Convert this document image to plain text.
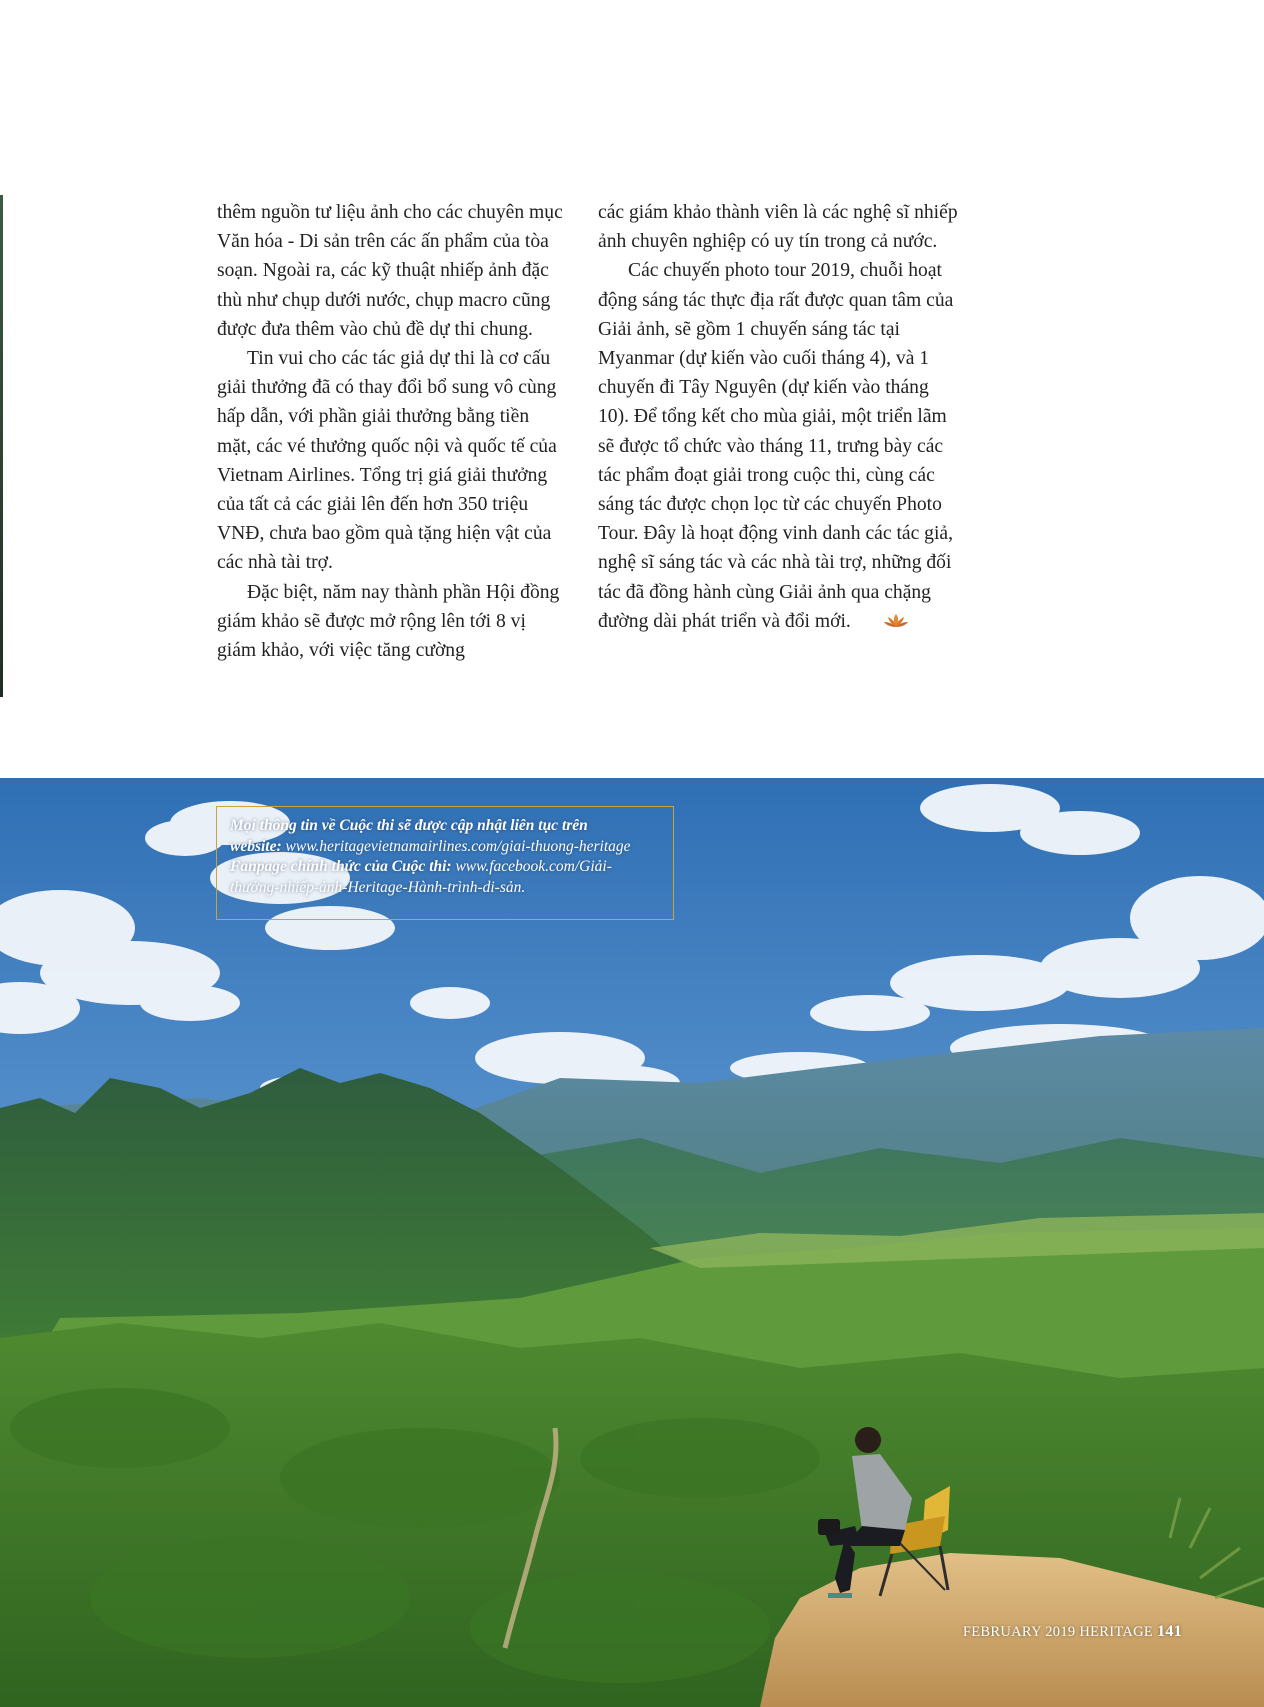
thêm nguồn tư liệu ảnh cho các chuyên mục Văn hóa - Di sản trên các ấn phẩm của tòa soạn. Ngoài ra, các kỹ thuật nhiếp ảnh đặc thù như chụp dưới nước, chụp macro cũng được đưa thêm vào chủ đề dự thi chung.

Tin vui cho các tác giả dự thi là cơ cấu giải thưởng đã có thay đổi bổ sung vô cùng hấp dẫn, với phần giải thưởng bằng tiền mặt, các vé thưởng quốc nội và quốc tế của Vietnam Airlines. Tổng trị giá giải thưởng của tất cả các giải lên đến hơn 350 triệu VNĐ, chưa bao gồm quà tặng hiện vật của các nhà tài trợ.

Đặc biệt, năm nay thành phần Hội đồng giám khảo sẽ được mở rộng lên tới 8 vị giám khảo, với việc tăng cường

các giám khảo thành viên là các nghệ sĩ nhiếp ảnh chuyên nghiệp có uy tín trong cả nước.

Các chuyến photo tour 2019, chuỗi hoạt động sáng tác thực địa rất được quan tâm của Giải ảnh, sẽ gồm 1 chuyến sáng tác tại Myanmar (dự kiến vào cuối tháng 4), và 1 chuyến đi Tây Nguyên (dự kiến vào tháng 10). Để tổng kết cho mùa giải, một triển lãm sẽ được tổ chức vào tháng 11, trưng bày các tác phẩm đoạt giải trong cuộc thi, cùng các sáng tác được chọn lọc từ các chuyến Photo Tour. Đây là hoạt động vinh danh các tác giả, nghệ sĩ sáng tác và các nhà tài trợ, những đối tác đã đồng hành cùng Giải ảnh qua chặng đường dài phát triển và đổi mới.

Mọi thông tin về Cuộc thi sẽ được cập nhật liên tục trên
website: www.heritagevietnamairlines.com/giai-thuong-heritage
Fanpage chính thức của Cuộc thi: www.facebook.com/Giải-
thưởng-nhiếp-ảnh-Heritage-Hành-trình-di-sản.
FEBRUARY 2019 HERITAGE 141
